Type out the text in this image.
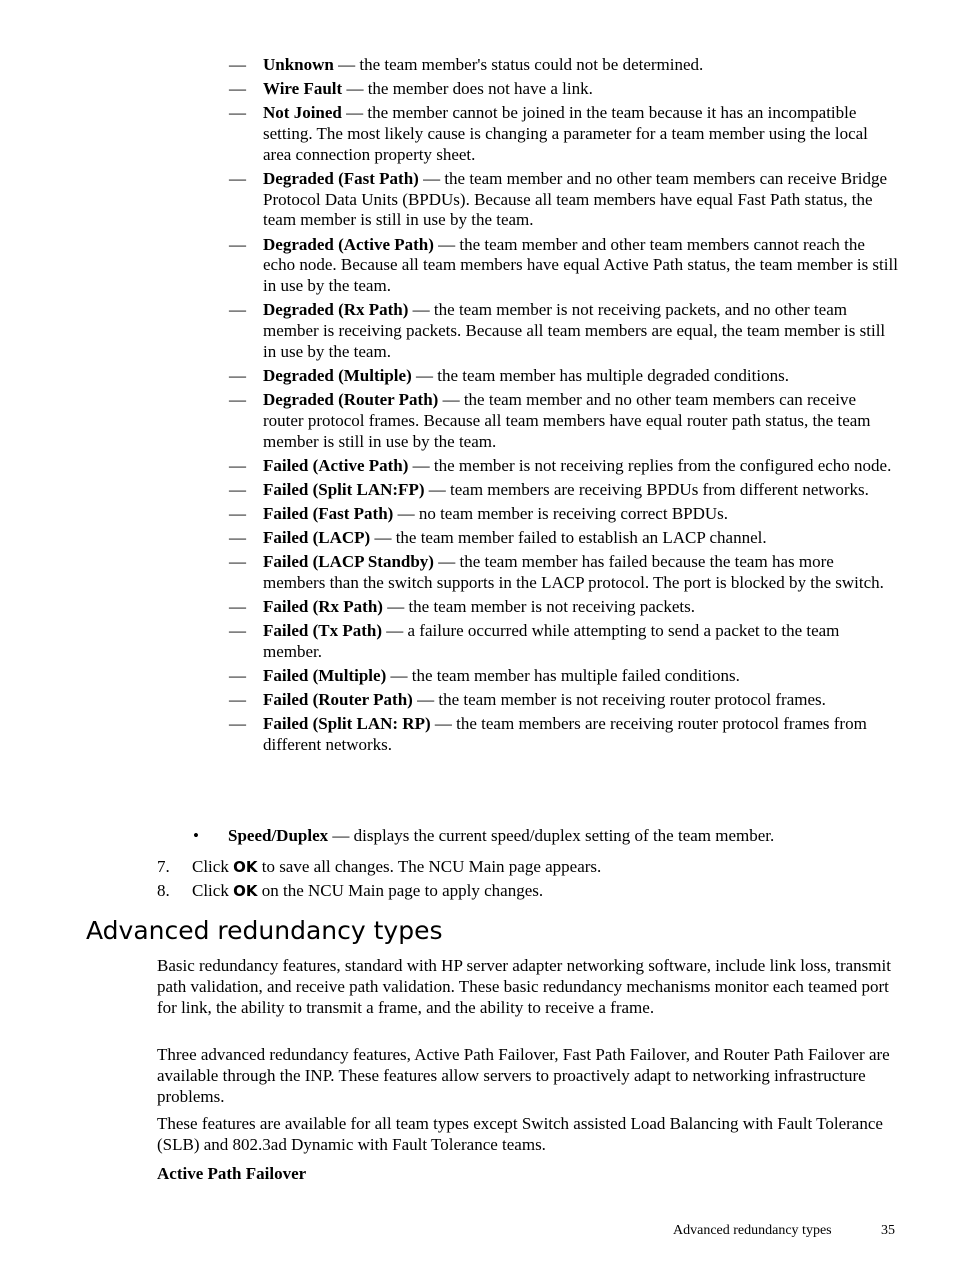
— Unknown — the team member's status could not be determined.
— Wire Fault — the member does not have a link.
— Not Joined — the member cannot be joined in the team because it has an incompatible setting. The most likely cause is changing a parameter for a team member using the local area connection property sheet.
— Degraded (Fast Path) — the team member and no other team members can receive Bridge Protocol Data Units (BPDUs). Because all team members have equal Fast Path status, the team member is still in use by the team.
— Degraded (Active Path) — the team member and other team members cannot reach the echo node. Because all team members have equal Active Path status, the team member is still in use by the team.
— Degraded (Rx Path) — the team member is not receiving packets, and no other team member is receiving packets. Because all team members are equal, the team member is still in use by the team.
— Degraded (Multiple) — the team member has multiple degraded conditions.
— Degraded (Router Path) — the team member and no other team members can receive router protocol frames. Because all team members have equal router path status, the team member is still in use by the team.
— Failed (Active Path) — the member is not receiving replies from the configured echo node.
— Failed (Split LAN:FP) — team members are receiving BPDUs from different networks.
— Failed (Fast Path) — no team member is receiving correct BPDUs.
— Failed (LACP) — the team member failed to establish an LACP channel.
— Failed (LACP Standby) — the team member has failed because the team has more members than the switch supports in the LACP protocol. The port is blocked by the switch.
— Failed (Rx Path) — the team member is not receiving packets.
— Failed (Tx Path) — a failure occurred while attempting to send a packet to the team member.
— Failed (Multiple) — the team member has multiple failed conditions.
— Failed (Router Path) — the team member is not receiving router protocol frames.
— Failed (Split LAN: RP) — the team members are receiving router protocol frames from different networks.
• Speed/Duplex — displays the current speed/duplex setting of the team member.
7. Click OK to save all changes. The NCU Main page appears.
8. Click OK on the NCU Main page to apply changes.
Advanced redundancy types

Basic redundancy features, standard with HP server adapter networking software, include link loss, transmit path validation, and receive path validation. These basic redundancy mechanisms monitor each teamed port for link, the ability to transmit a frame, and the ability to receive a frame.

Three advanced redundancy features, Active Path Failover, Fast Path Failover, and Router Path Failover are available through the INP. These features allow servers to proactively adapt to networking infrastructure problems.

These features are available for all team types except Switch assisted Load Balancing with Fault Tolerance (SLB) and 802.3ad Dynamic with Fault Tolerance teams.

Active Path Failover
Advanced redundancy types	35
